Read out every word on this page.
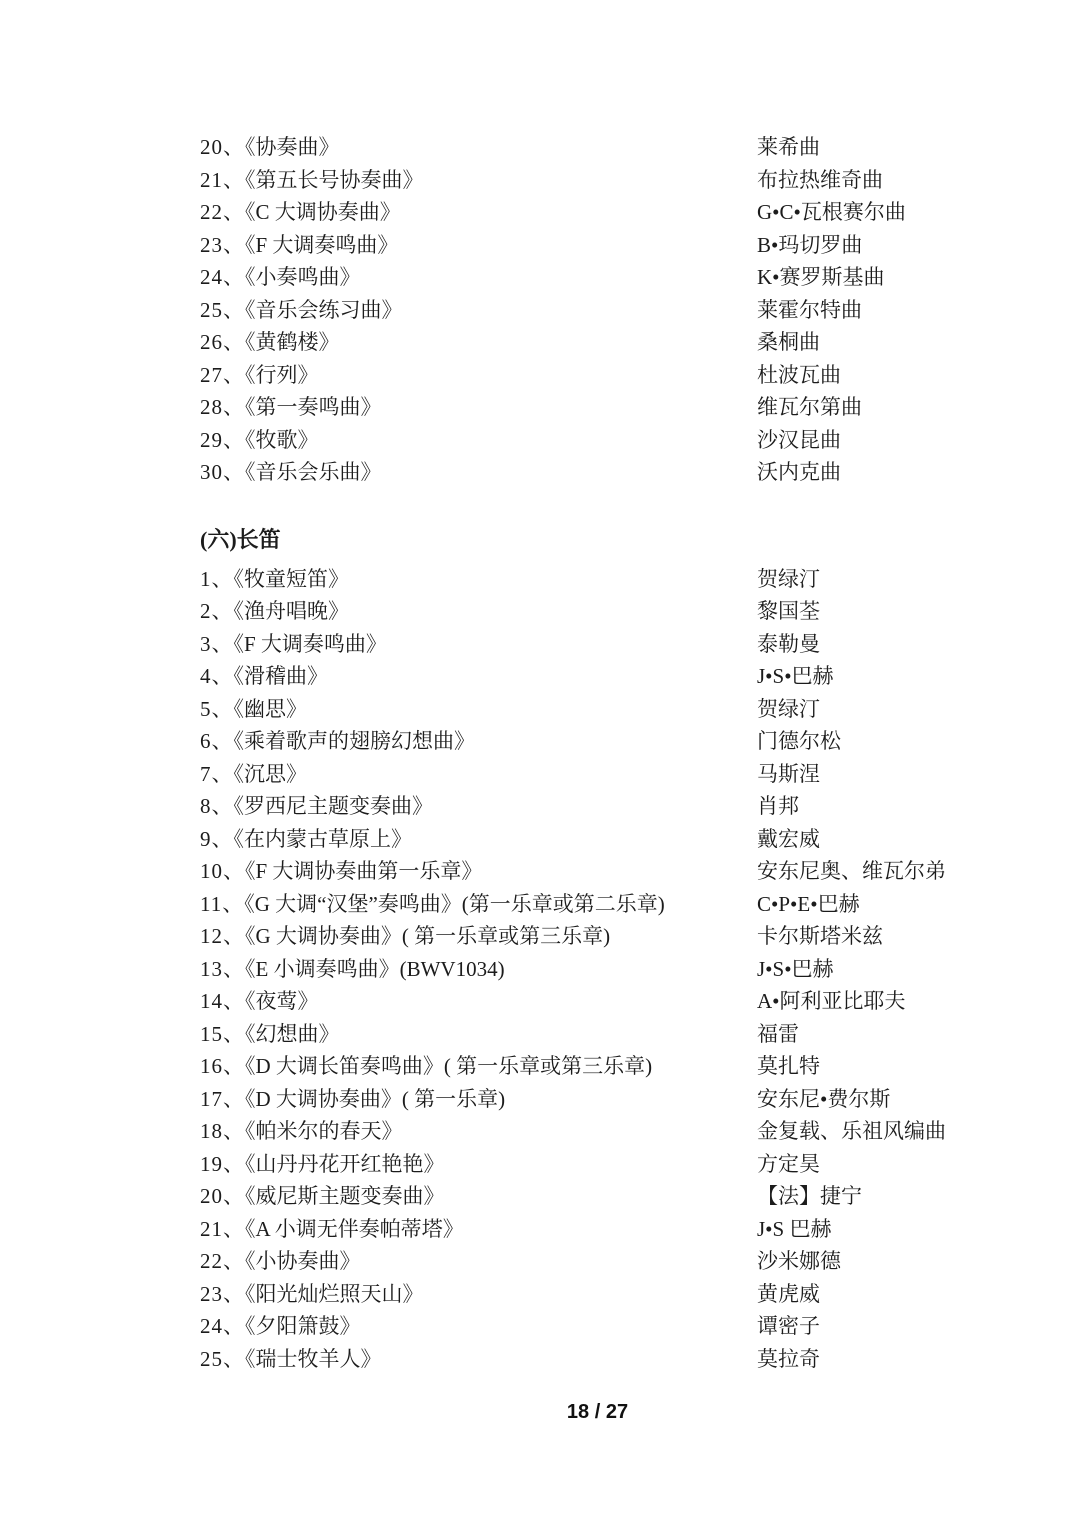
20、《协奏曲》	莱希曲
21、《第五长号协奏曲》	布拉热维奇曲
22、《C 大调协奏曲》	G•C•瓦根赛尔曲
23、《F 大调奏鸣曲》	B•玛切罗曲
24、《小奏鸣曲》	K•赛罗斯基曲
25、《音乐会练习曲》	莱霍尔特曲
26、《黄鹤楼》	桑桐曲
27、《行列》	杜波瓦曲
28、《第一奏鸣曲》	维瓦尔第曲
29、《牧歌》	沙汉昆曲
30、《音乐会乐曲》	沃内克曲
(六)长笛
1、《牧童短笛》	贺绿汀
2、《渔舟唱晚》	黎国荃
3、《F 大调奏鸣曲》	泰勒曼
4、《滑稽曲》	J•S•巴赫
5、《幽思》	贺绿汀
6、《乘着歌声的翅膀幻想曲》	门德尔松
7、《沉思》	马斯涅
8、《罗西尼主题变奏曲》	肖邦
9、《在内蒙古草原上》	戴宏威
10、《F 大调协奏曲第一乐章》	安东尼奥、维瓦尔弟
11、《G 大调“汉堡”奏鸣曲》(第一乐章或第二乐章)	C•P•E•巴赫
12、《G 大调协奏曲》( 第一乐章或第三乐章)	卡尔斯塔米兹
13、《E 小调奏鸣曲》(BWV1034)	J•S•巴赫
14、《夜莺》	A•阿利亚比耶夫
15、《幻想曲》	福雷
16、《D 大调长笛奏鸣曲》( 第一乐章或第三乐章)	莫扎特
17、《D 大调协奏曲》( 第一乐章)	安东尼•费尔斯
18、《帕米尔的春天》	金复载、乐祖风编曲
19、《山丹丹花开红艳艳》	方定昊
20、《威尼斯主题变奏曲》	【法】捷宁
21、《A 小调无伴奏帕蒂塔》	J•S 巴赫
22、《小协奏曲》	沙米娜德
23、《阳光灿烂照天山》	黄虎威
24、《夕阳箫鼓》	谭密子
25、《瑞士牧羊人》	莫拉奇
18 / 27
